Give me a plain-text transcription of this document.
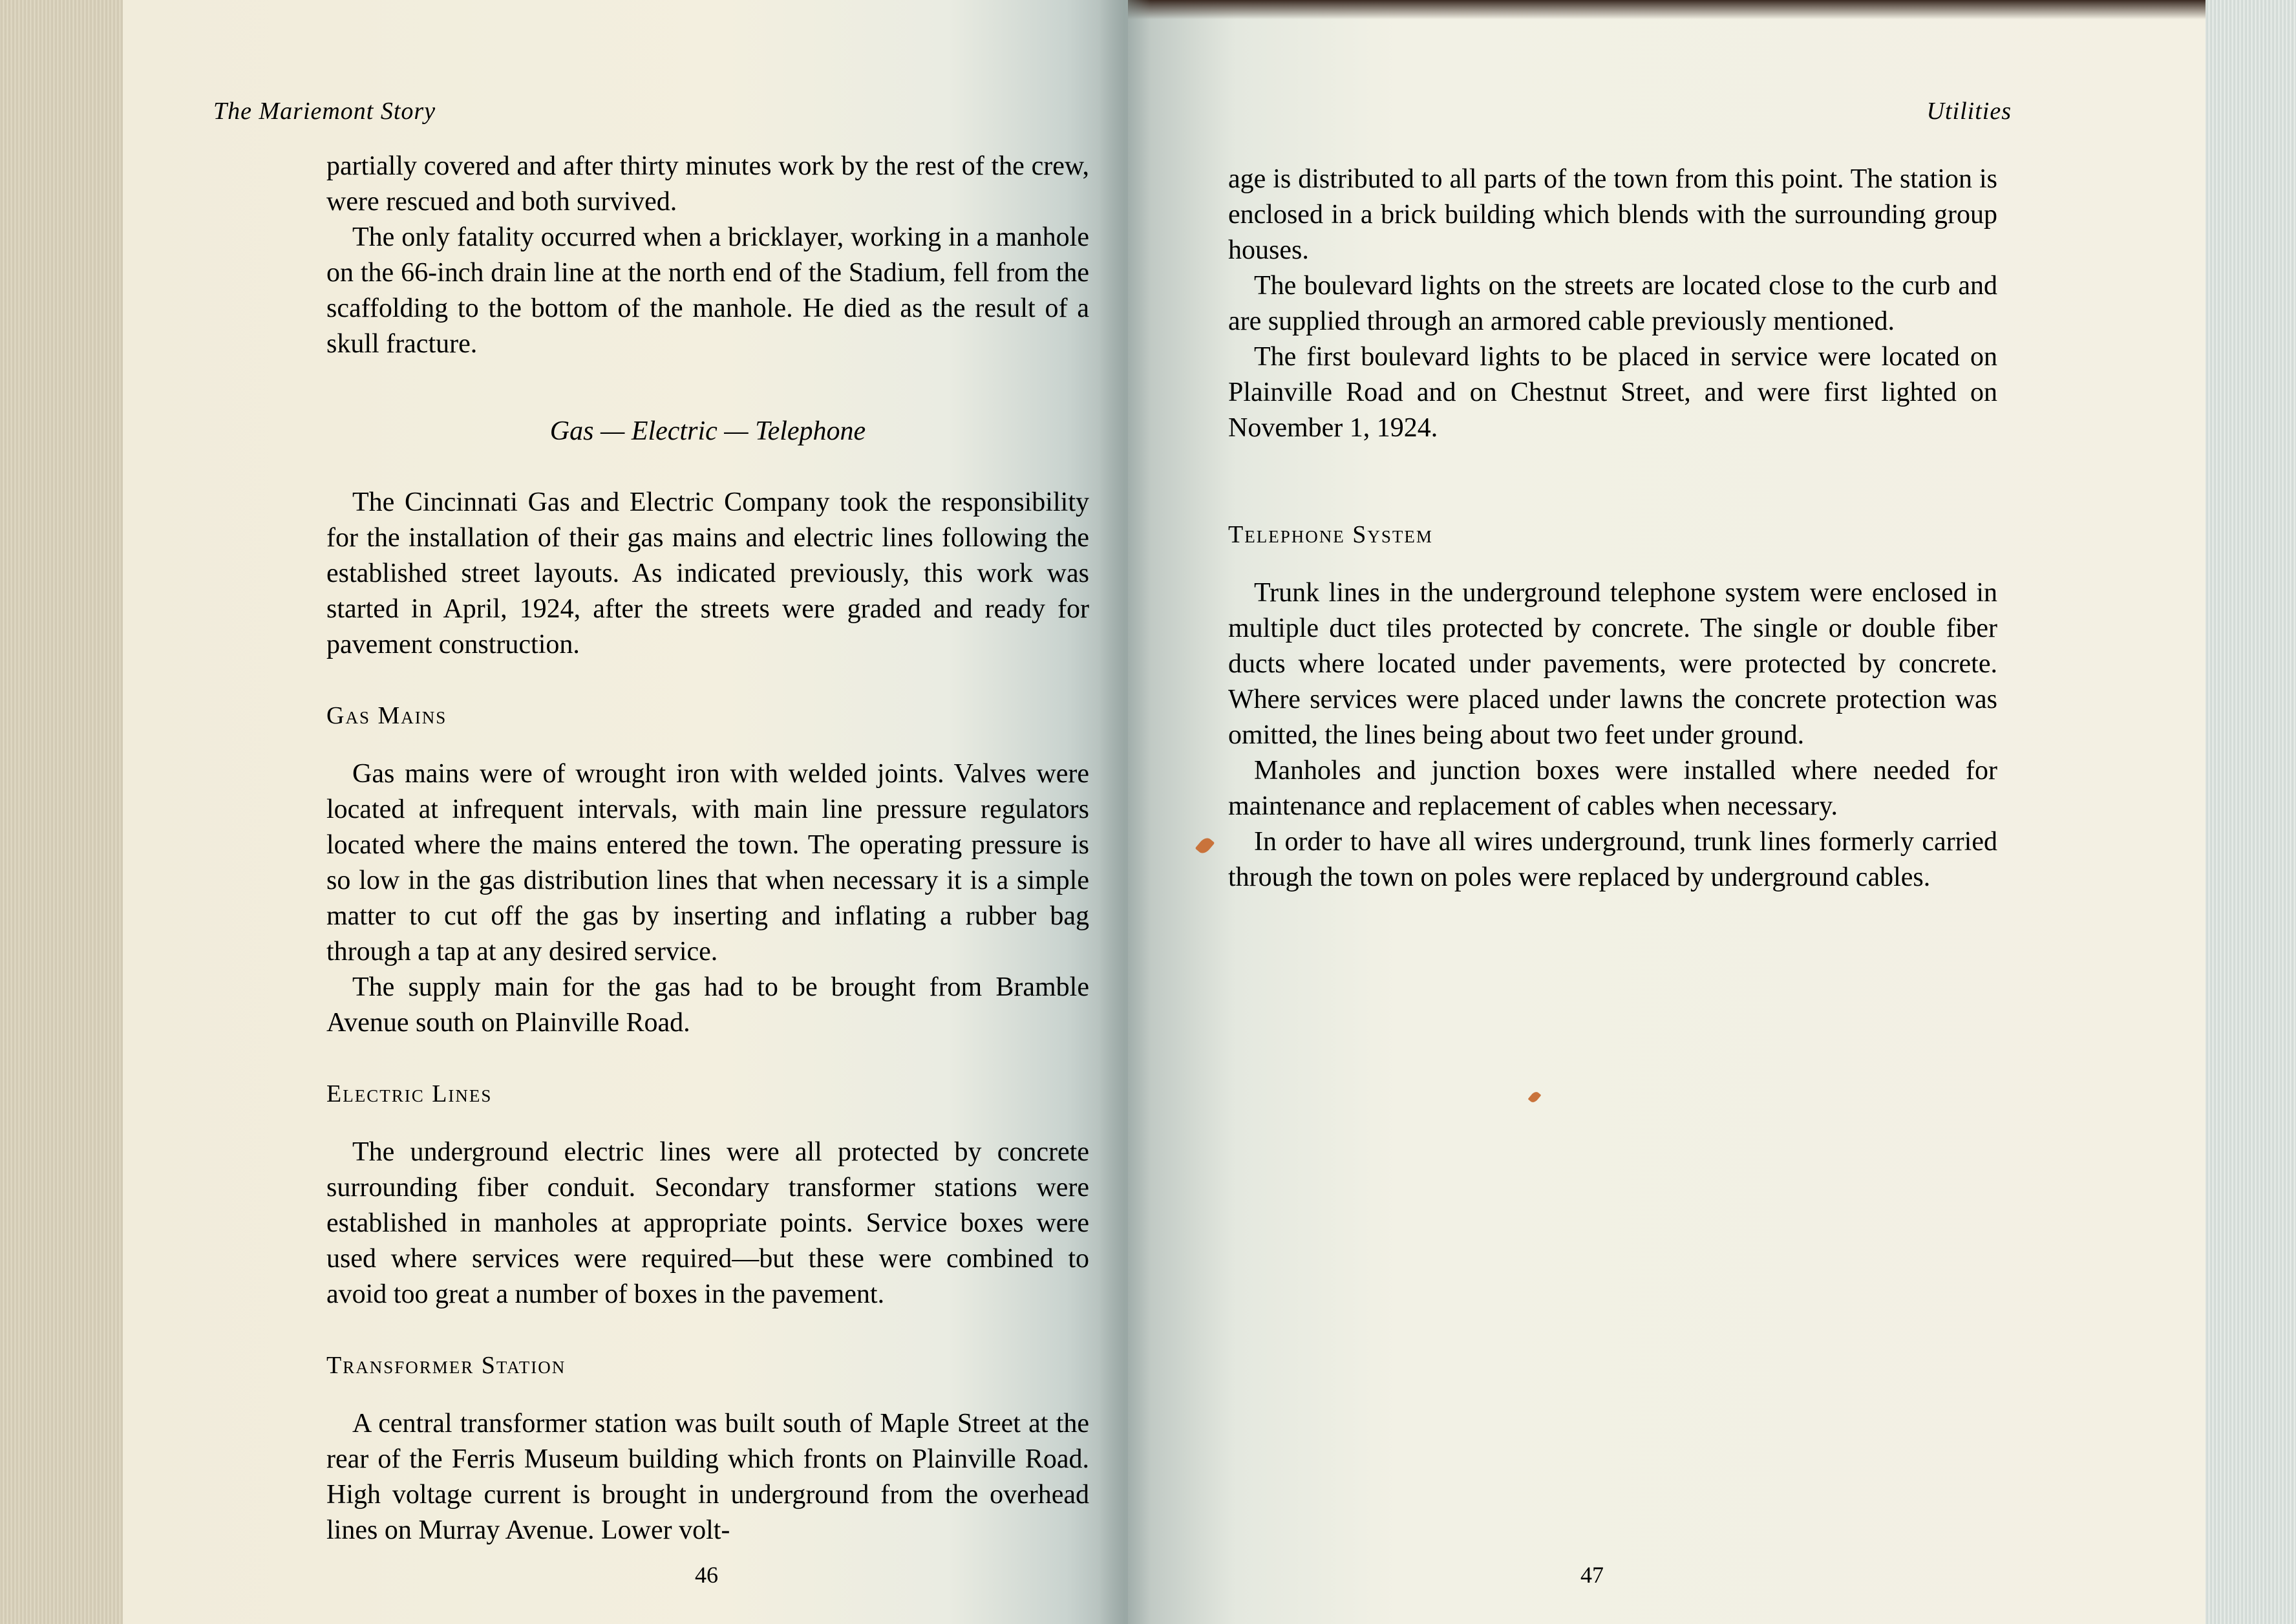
The Mariemont Story

partially covered and after thirty minutes work by the rest of the crew, were rescued and both survived.

The only fatality occurred when a bricklayer, working in a manhole on the 66-inch drain line at the north end of the Stadium, fell from the scaffolding to the bottom of the manhole. He died as the result of a skull fracture.

Gas — Electric — Telephone

The Cincinnati Gas and Electric Company took the responsibility for the installation of their gas mains and electric lines following the established street layouts. As indicated previously, this work was started in April, 1924, after the streets were graded and ready for pavement construction.

Gas Mains

Gas mains were of wrought iron with welded joints. Valves were located at infrequent intervals, with main line pressure regulators located where the mains entered the town. The operating pressure is so low in the gas distribution lines that when necessary it is a simple matter to cut off the gas by inserting and inflating a rubber bag through a tap at any desired service.

The supply main for the gas had to be brought from Bramble Avenue south on Plainville Road.

Electric Lines

The underground electric lines were all protected by concrete surrounding fiber conduit. Secondary transformer stations were established in manholes at appropriate points. Service boxes were used where services were required—but these were combined to avoid too great a number of boxes in the pavement.

Transformer Station

A central transformer station was built south of Maple Street at the rear of the Ferris Museum building which fronts on Plainville Road. High voltage current is brought in underground from the overhead lines on Murray Avenue. Lower volt-

46
Utilities

age is distributed to all parts of the town from this point. The station is enclosed in a brick building which blends with the surrounding group houses.

The boulevard lights on the streets are located close to the curb and are supplied through an armored cable previously mentioned.

The first boulevard lights to be placed in service were located on Plainville Road and on Chestnut Street, and were first lighted on November 1, 1924.

Telephone System

Trunk lines in the underground telephone system were enclosed in multiple duct tiles protected by concrete. The single or double fiber ducts where located under pavements, were protected by concrete. Where services were placed under lawns the concrete protection was omitted, the lines being about two feet under ground.

Manholes and junction boxes were installed where needed for maintenance and replacement of cables when necessary.

In order to have all wires underground, trunk lines formerly carried through the town on poles were replaced by underground cables.

47
